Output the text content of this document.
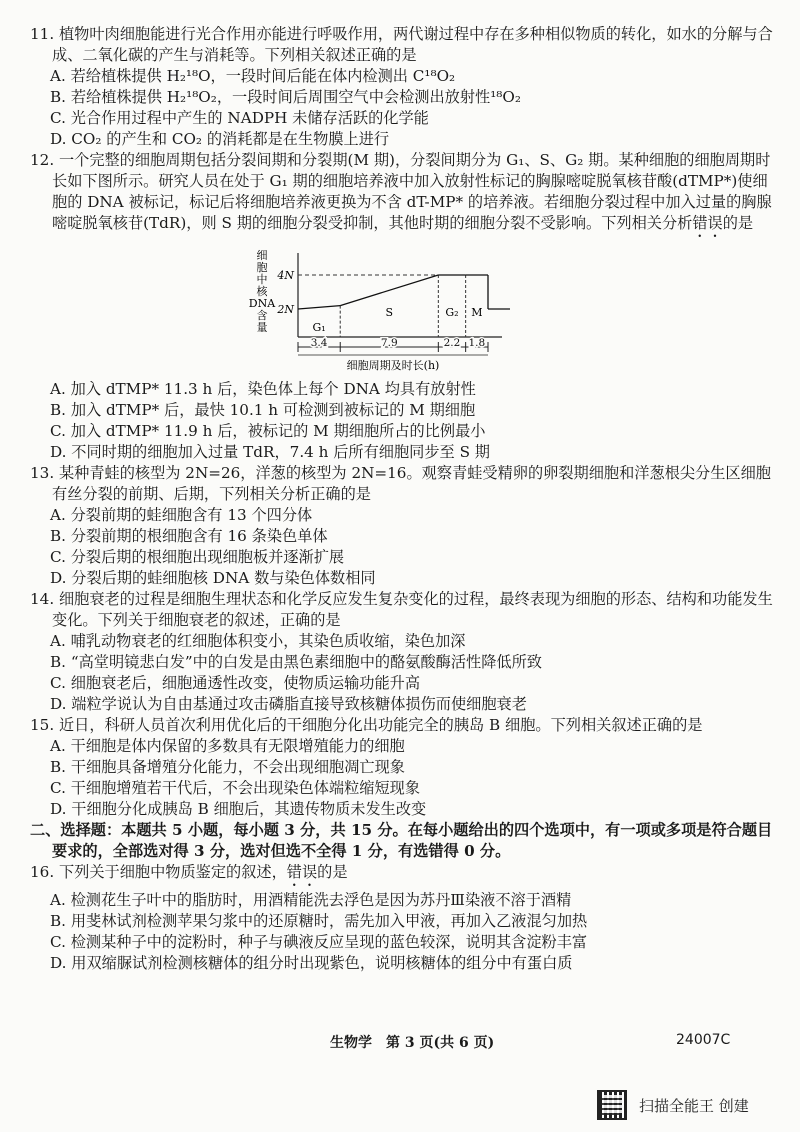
11. 植物叶肉细胞能进行光合作用亦能进行呼吸作用，两代谢过程中存在多种相似物质的转化，如水的分解与合成、二氧化碳的产生与消耗等。下列相关叙述正确的是

A. 若给植株提供 H₂¹⁸O，一段时间后能在体内检测出 C¹⁸O₂

B. 若给植株提供 H₂¹⁸O₂，一段时间后周围空气中会检测出放射性¹⁸O₂

C. 光合作用过程中产生的 NADPH 未储存活跃的化学能

D. CO₂ 的产生和 CO₂ 的消耗都是在生物膜上进行

12. 一个完整的细胞周期包括分裂间期和分裂期(M 期)，分裂间期分为 G₁、S、G₂ 期。某种细胞的细胞周期时长如下图所示。研究人员在处于 G₁ 期的细胞培养液中加入放射性标记的胸腺嘧啶脱氧核苷酸(dTMP*)使细胞的 DNA 被标记，标记后将细胞培养液更换为不含 dT-MP* 的培养液。若细胞分裂过程中加入过量的胸腺嘧啶脱氧核苷(TdR)，则 S 期的细胞分裂受抑制，其他时期的细胞分裂不受影响。下列相关分析错误的是

细
胞
中
核
DNA
含
量
4N
2N
G₁
S	G₂ M
3.4	7.9	2.2 1.8
细胞周期及时长(h)

A. 加入 dTMP* 11.3 h 后，染色体上每个 DNA 均具有放射性

B. 加入 dTMP* 后，最快 10.1 h 可检测到被标记的 M 期细胞

C. 加入 dTMP* 11.9 h 后，被标记的 M 期细胞所占的比例最小

D. 不同时期的细胞加入过量 TdR，7.4 h 后所有细胞同步至 S 期

13. 某种青蛙的核型为 2N=26，洋葱的核型为 2N=16。观察青蛙受精卵的卵裂期细胞和洋葱根尖分生区细胞有丝分裂的前期、后期，下列相关分析正确的是

A. 分裂前期的蛙细胞含有 13 个四分体

B. 分裂前期的根细胞含有 16 条染色单体

C. 分裂后期的根细胞出现细胞板并逐渐扩展

D. 分裂后期的蛙细胞核 DNA 数与染色体数相同

14. 细胞衰老的过程是细胞生理状态和化学反应发生复杂变化的过程，最终表现为细胞的形态、结构和功能发生变化。下列关于细胞衰老的叙述，正确的是

A. 哺乳动物衰老的红细胞体积变小，其染色质收缩，染色加深

B. “高堂明镜悲白发”中的白发是由黑色素细胞中的酪氨酸酶活性降低所致

C. 细胞衰老后，细胞通透性改变，使物质运输功能升高

D. 端粒学说认为自由基通过攻击磷脂直接导致核糖体损伤而使细胞衰老

15. 近日，科研人员首次利用优化后的干细胞分化出功能完全的胰岛 B 细胞。下列相关叙述正确的是

A. 干细胞是体内保留的多数具有无限增殖能力的细胞

B. 干细胞具备增殖分化能力，不会出现细胞凋亡现象

C. 干细胞增殖若干代后，不会出现染色体端粒缩短现象

D. 干细胞分化成胰岛 B 细胞后，其遗传物质未发生改变

二、选择题：本题共 5 小题，每小题 3 分，共 15 分。在每小题给出的四个选项中，有一项或多项是符合题目要求的，全部选对得 3 分，选对但选不全得 1 分，有选错得 0 分。

16. 下列关于细胞中物质鉴定的叙述，错误的是

A. 检测花生子叶中的脂肪时，用酒精能洗去浮色是因为苏丹Ⅲ染液不溶于酒精

B. 用斐林试剂检测苹果匀浆中的还原糖时，需先加入甲液，再加入乙液混匀加热

C. 检测某种子中的淀粉时，种子与碘液反应呈现的蓝色较深，说明其含淀粉丰富

D. 用双缩脲试剂检测核糖体的组分时出现紫色，说明核糖体的组分中有蛋白质

生物学　第 3 页(共 6 页)	24007C
扫描全能王 创建
